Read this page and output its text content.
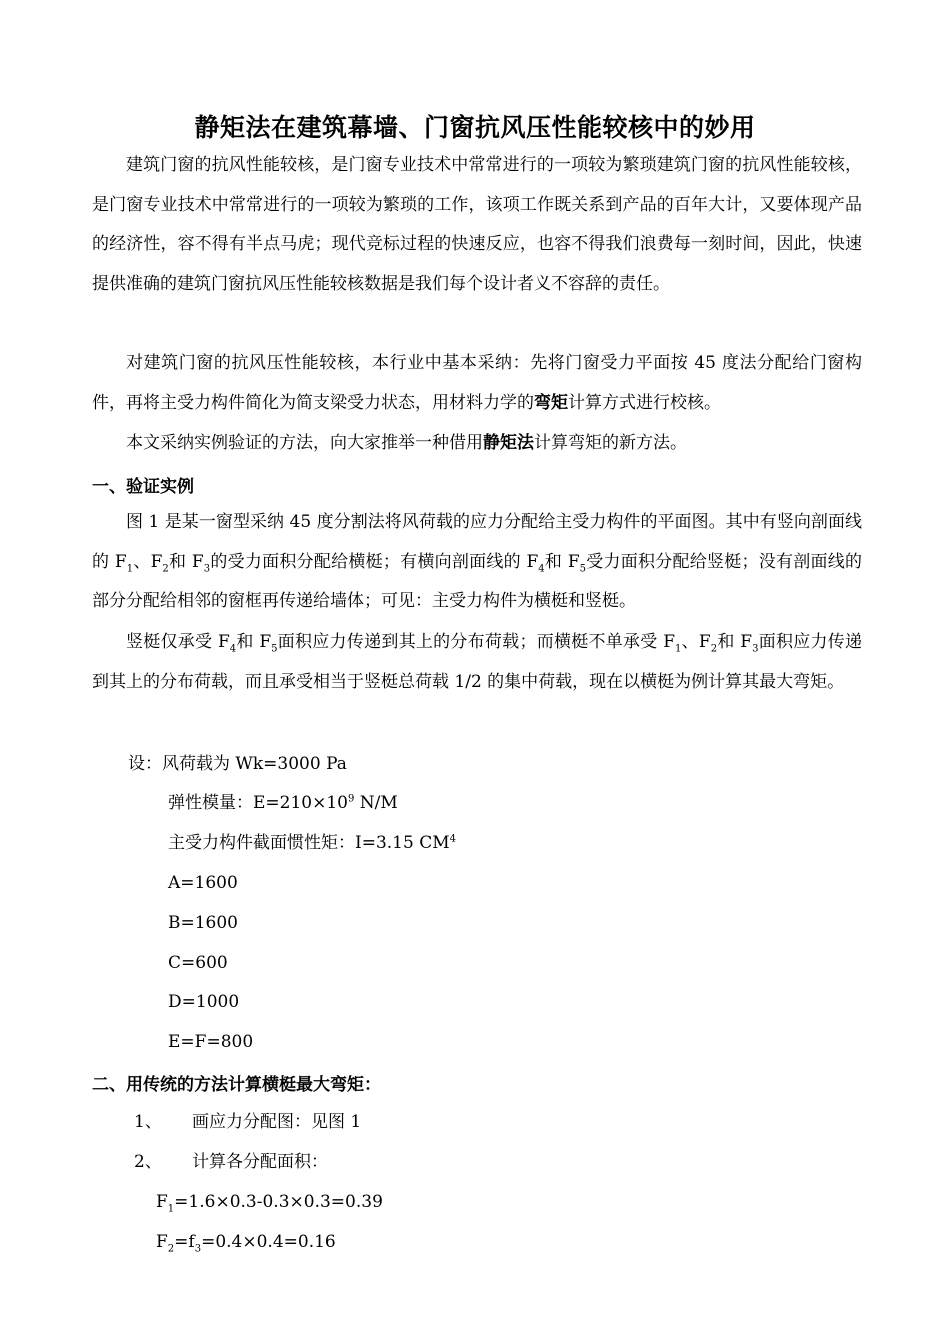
静矩法在建筑幕墙、门窗抗风压性能较核中的妙用
建筑门窗的抗风性能较核，是门窗专业技术中常常进行的一项较为繁琐建筑门窗的抗风性能较核，是门窗专业技术中常常进行的一项较为繁琐的工作，该项工作既关系到产品的百年大计，又要体现产品的经济性，容不得有半点马虎；现代竞标过程的快速反应，也容不得我们浪费每一刻时间，因此，快速提供准确的建筑门窗抗风压性能较核数据是我们每个设计者义不容辞的责任。
对建筑门窗的抗风压性能较核，本行业中基本采纳：先将门窗受力平面按 45 度法分配给门窗构件，再将主受力构件简化为简支梁受力状态，用材料力学的弯矩计算方式进行校核。
本文采纳实例验证的方法，向大家推举一种借用静矩法计算弯矩的新方法。
一、验证实例
图 1 是某一窗型采纳 45 度分割法将风荷载的应力分配给主受力构件的平面图。其中有竖向剖面线的 $F_1$、$F_2$和 $F_3$的受力面积分配给横梃；有横向剖面线的 $F_4$和 $F_5$受力面积分配给竖梃；没有剖面线的部分分配给相邻的窗框再传递给墙体；可见：主受力构件为横梃和竖梃。
竖梃仅承受 $F_4$和 $F_5$面积应力传递到其上的分布荷载；而横梃不单承受 $F_1$、$F_2$和 $F_3$面积应力传递到其上的分布荷载，而且承受相当于竖梃总荷载 1/2 的集中荷载，现在以横梃为例计算其最大弯矩。
设：风荷载为 Wk=3000 Pa
弹性模量：$E=210\times 10^9$ N/M
主受力构件截面惯性矩：I=3.15 $CM^4$
A=1600
B=1600
C=600
D=1000
E=F=800
二、用传统的方法计算横梃最大弯矩：
1、 画应力分配图：见图 1
2、 计算各分配面积：
$F_1=1.6\times 0.3-0.3\times 0.3=0.39$
$F_2=f_3=0.4\times 0.4=0.16$
